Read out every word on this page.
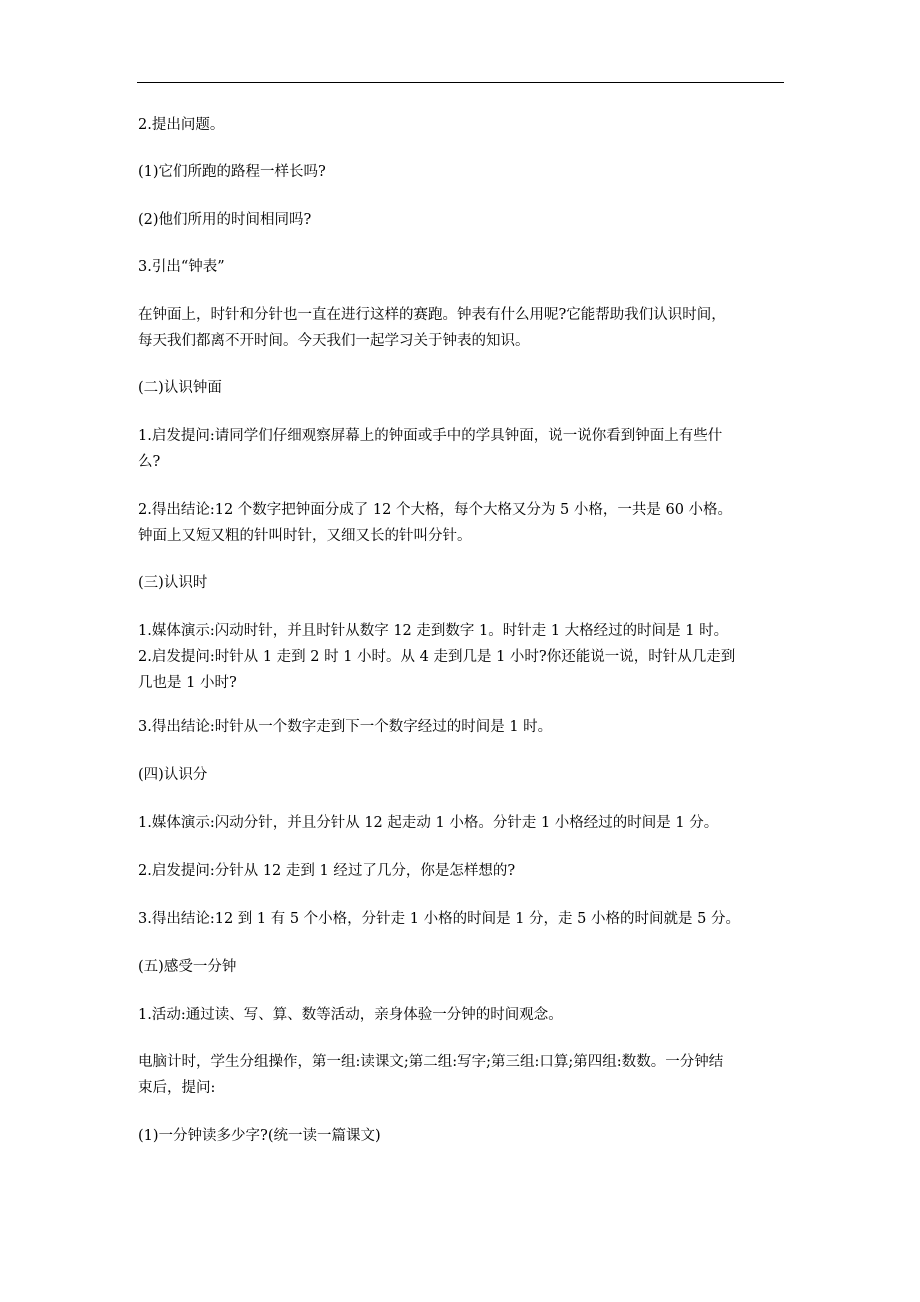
2.提出问题。
(1)它们所跑的路程一样长吗?
(2)他们所用的时间相同吗?
3.引出“钟表”
在钟面上，时针和分针也一直在进行这样的赛跑。钟表有什么用呢?它能帮助我们认识时间，
每天我们都离不开时间。今天我们一起学习关于钟表的知识。
(二)认识钟面
1.启发提问:请同学们仔细观察屏幕上的钟面或手中的学具钟面，说一说你看到钟面上有些什
么?
2.得出结论:12 个数字把钟面分成了 12 个大格，每个大格又分为 5 小格，一共是 60 小格。
钟面上又短又粗的针叫时针，又细又长的针叫分针。
(三)认识时
1.媒体演示:闪动时针，并且时针从数字 12 走到数字 1。时针走 1 大格经过的时间是 1 时。
2.启发提问:时针从 1 走到 2 时 1 小时。从 4 走到几是 1 小时?你还能说一说，时针从几走到
几也是 1 小时?
3.得出结论:时针从一个数字走到下一个数字经过的时间是 1 时。
(四)认识分
1.媒体演示:闪动分针，并且分针从 12 起走动 1 小格。分针走 1 小格经过的时间是 1 分。
2.启发提问:分针从 12 走到 1 经过了几分，你是怎样想的?
3.得出结论:12 到 1 有 5 个小格，分针走 1 小格的时间是 1 分，走 5 小格的时间就是 5 分。
(五)感受一分钟
1.活动:通过读、写、算、数等活动，亲身体验一分钟的时间观念。
电脑计时，学生分组操作，第一组:读课文;第二组:写字;第三组:口算;第四组:数数。一分钟结
束后，提问:
(1)一分钟读多少字?(统一读一篇课文)
